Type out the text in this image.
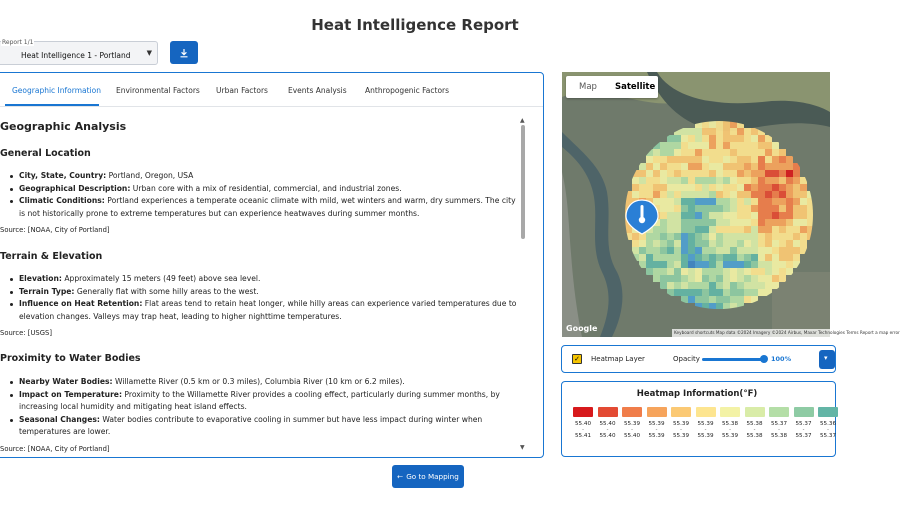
Heat Intelligence Report
Report 1/1
Heat Intelligence 1 - Portland ▼
Geographic Information Environmental Factors Urban Factors	Events Analysis Anthropogenic Factors
Geographic Analysis
General Location
City, State, Country: Portland, Oregon, USA
Geographical Description: Urban core with a mix of residential, commercial, and industrial zones.
Climatic Conditions: Portland experiences a temperate oceanic climate with mild, wet winters and warm, dry summers. The city is not historically prone to extreme temperatures but can experience heatwaves during summer months.
Source: [NOAA, City of Portland]
Terrain & Elevation
Elevation: Approximately 15 meters (49 feet) above sea level.
Terrain Type: Generally flat with some hilly areas to the west.
Influence on Heat Retention: Flat areas tend to retain heat longer, while hilly areas can experience varied temperatures due to elevation changes. Valleys may trap heat, leading to higher nighttime temperatures.
Source: [USGS]
Proximity to Water Bodies
Nearby Water Bodies: Willamette River (0.5 km or 0.3 miles), Columbia River (10 km or 6.2 miles).
Impact on Temperature: Proximity to the Willamette River provides a cooling effect, particularly during summer months, by increasing local humidity and mitigating heat island effects.
Seasonal Changes: Water bodies contribute to evaporative cooling in summer but have less impact during winter when temperatures are lower.
Source: [NOAA, City of Portland]
▲
▼
← Go to Mapping
Map Satellite
Google	Keyboard shortcuts Map data ©2024 Imagery ©2024 Airbus, Maxar Technologies Terms Report a map error
✓ Heatmap Layer	Opacity	100%	▾
Heatmap Information(°F)
55.40
-
55.41
55.40
-
55.40
55.39
-
55.40
55.39
-
55.39
55.39
-
55.39
55.39
-
55.39
55.38
-
55.39
55.38
-
55.38
55.37
-
55.38
55.37
-
55.37
55.36
-
55.37
